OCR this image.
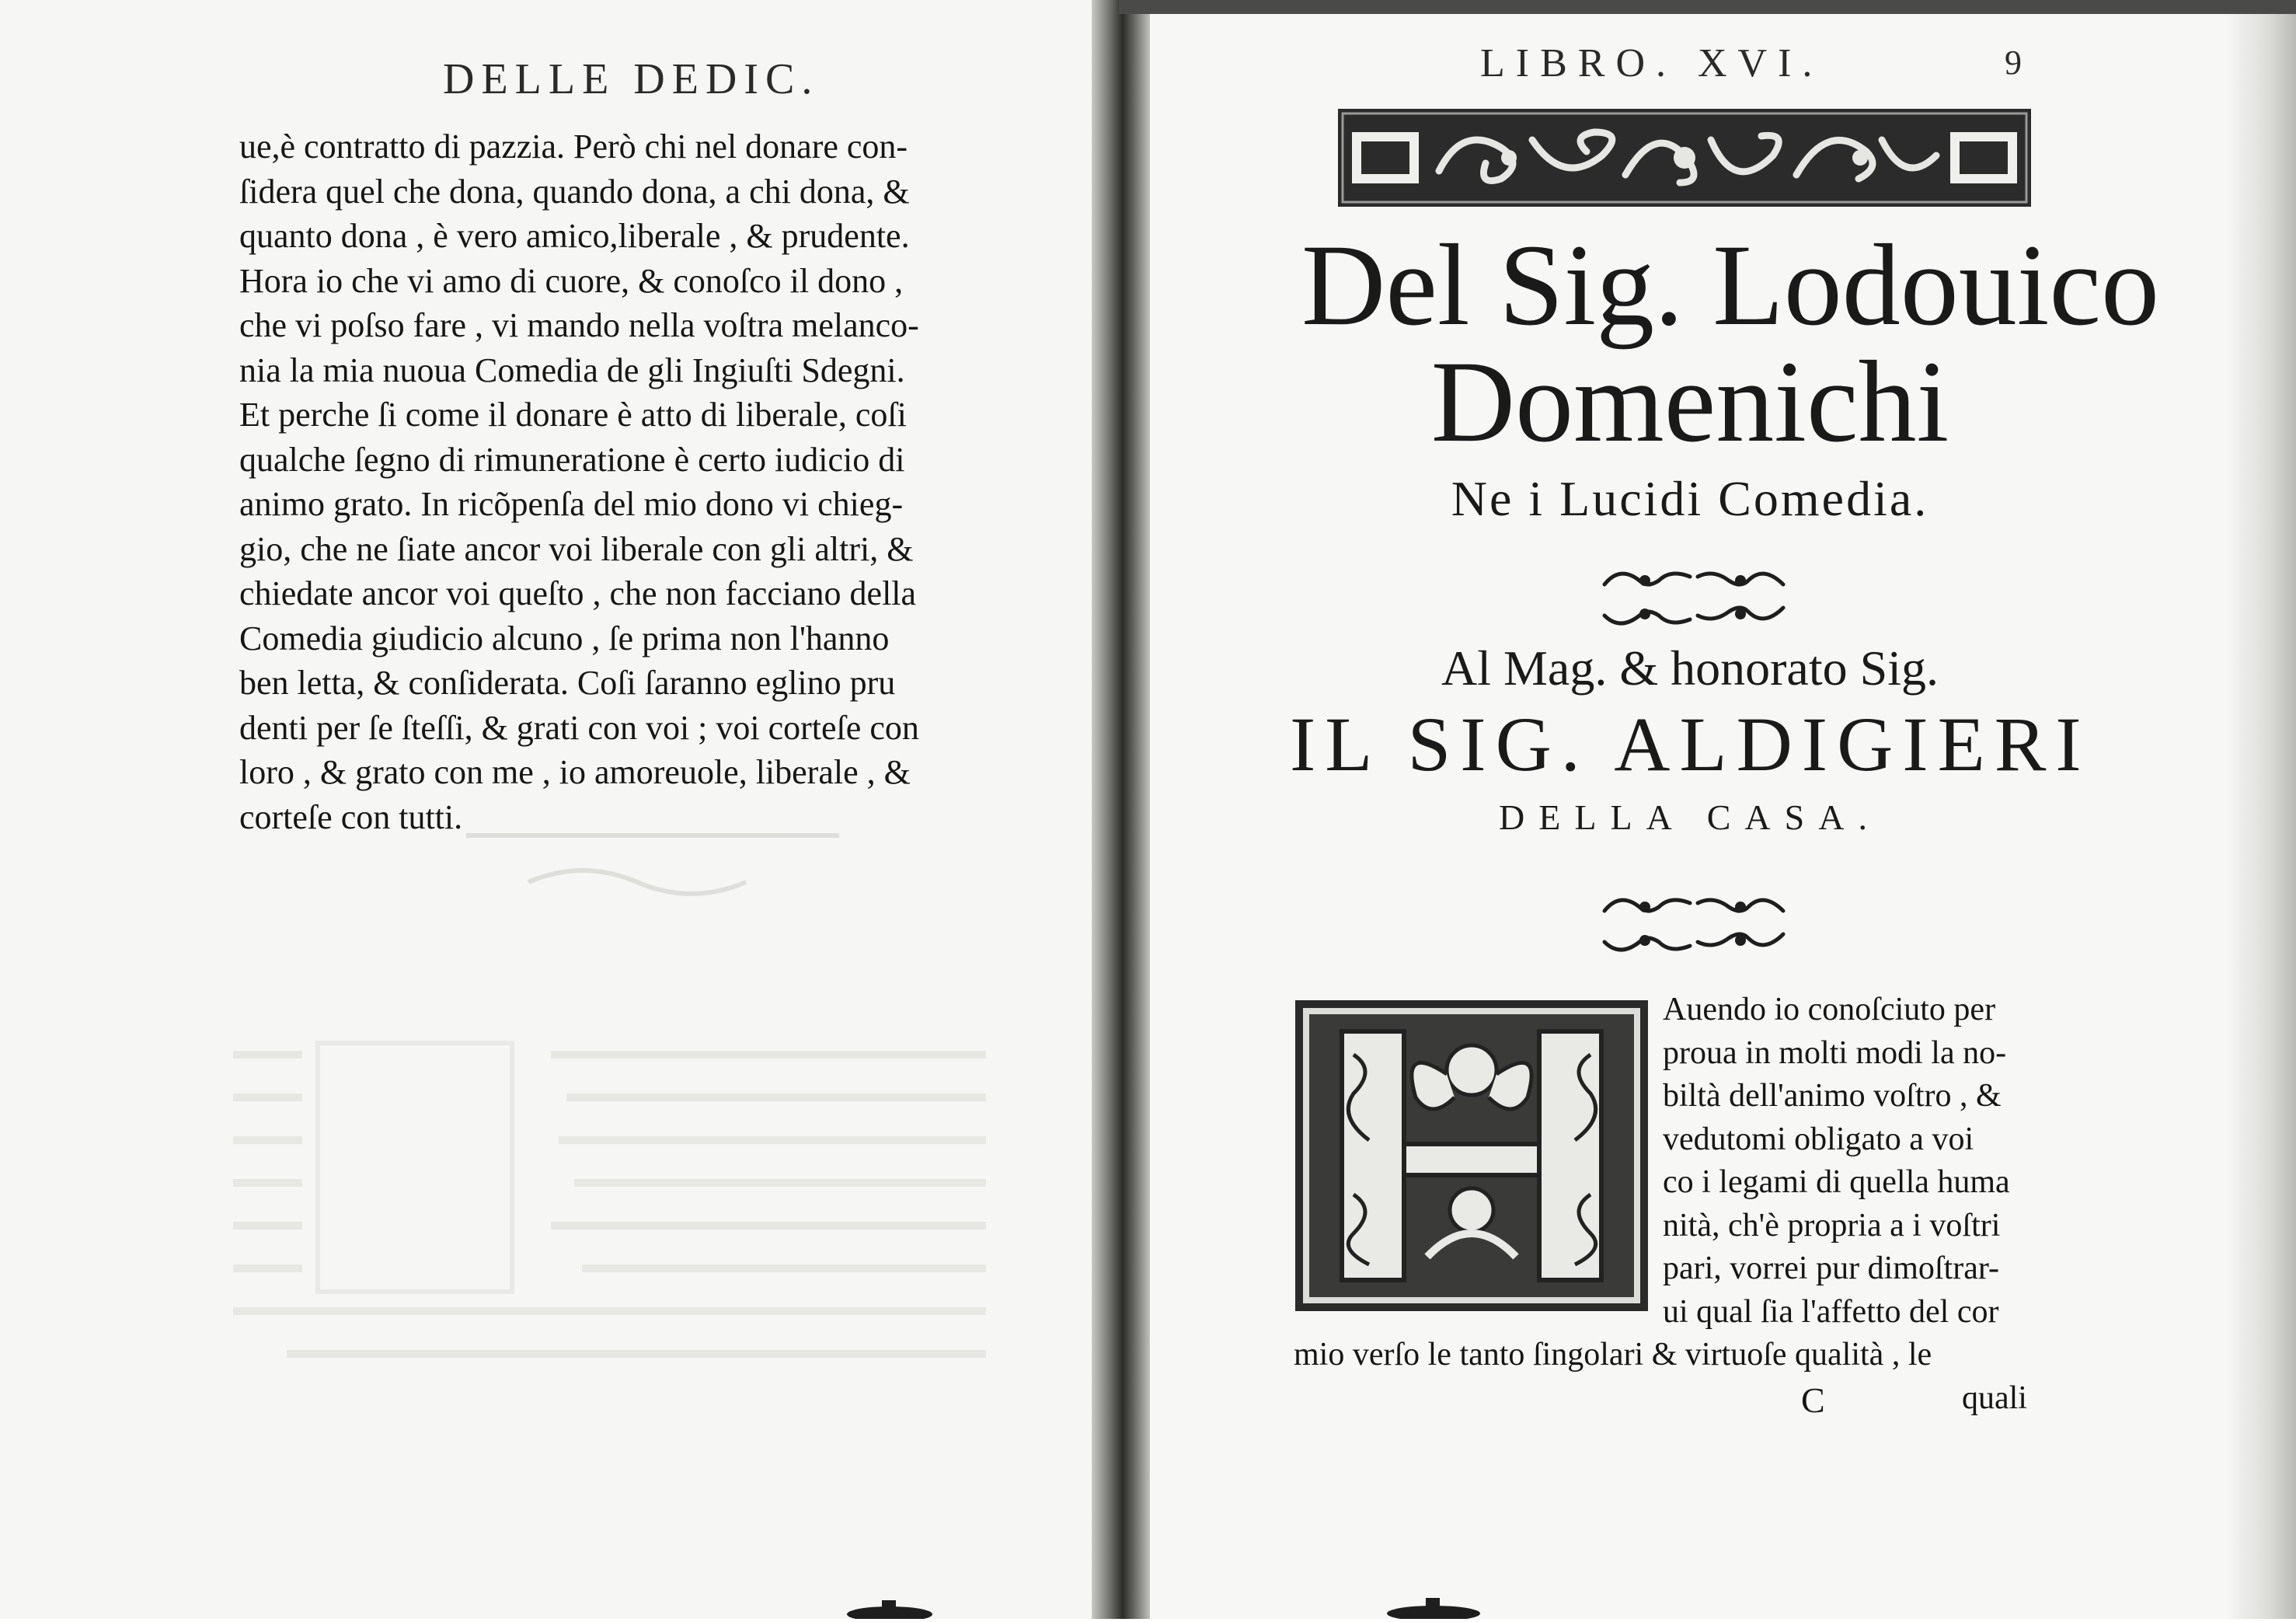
DELLE DEDIC.
ue,è contratto di pazzia. Però chi nel donare con-
ſidera quel che dona, quando dona, a chi dona, &
quanto dona , è vero amico,liberale , & prudente.
Hora io che vi amo di cuore, & conoſco il dono ,
che vi poſso fare , vi mando nella voſtra melanco-
nia la mia nuoua Comedia de gli Ingiuſti Sdegni.
Et perche ſi come il donare è atto di liberale, coſi
qualche ſegno di rimuneratione è certo iudicio di
animo grato. In ricõpenſa del mio dono vi chieg-
gio, che ne ſiate ancor voi liberale con gli altri, &
chiedate ancor voi queſto , che non facciano della
Comedia giudicio alcuno , ſe prima non l'hanno
ben letta, & conſiderata. Coſi ſaranno eglino pru
denti per ſe ſteſſi, & grati con voi ; voi corteſe con
loro , & grato con me , io amoreuole, liberale , &
corteſe con tutti.
LIBRO. XVI.	9
Del Sig. Lodouico
Domenichi
Ne i Lucidi Comedia.
Al Mag. & honorato Sig.
IL SIG. ALDIGIERI
DELLA CASA.
Auendo io conoſciuto per
proua in molti modi la no-
biltà dell'animo voſtro , &
vedutomi obligato a voi
co i legami di quella huma
nità, ch'è propria a i voſtri
pari, vorrei pur dimoſtrar-
ui qual ſia l'affetto del cor
mio verſo le tanto ſingolari & virtuoſe qualità , le
C	quali
